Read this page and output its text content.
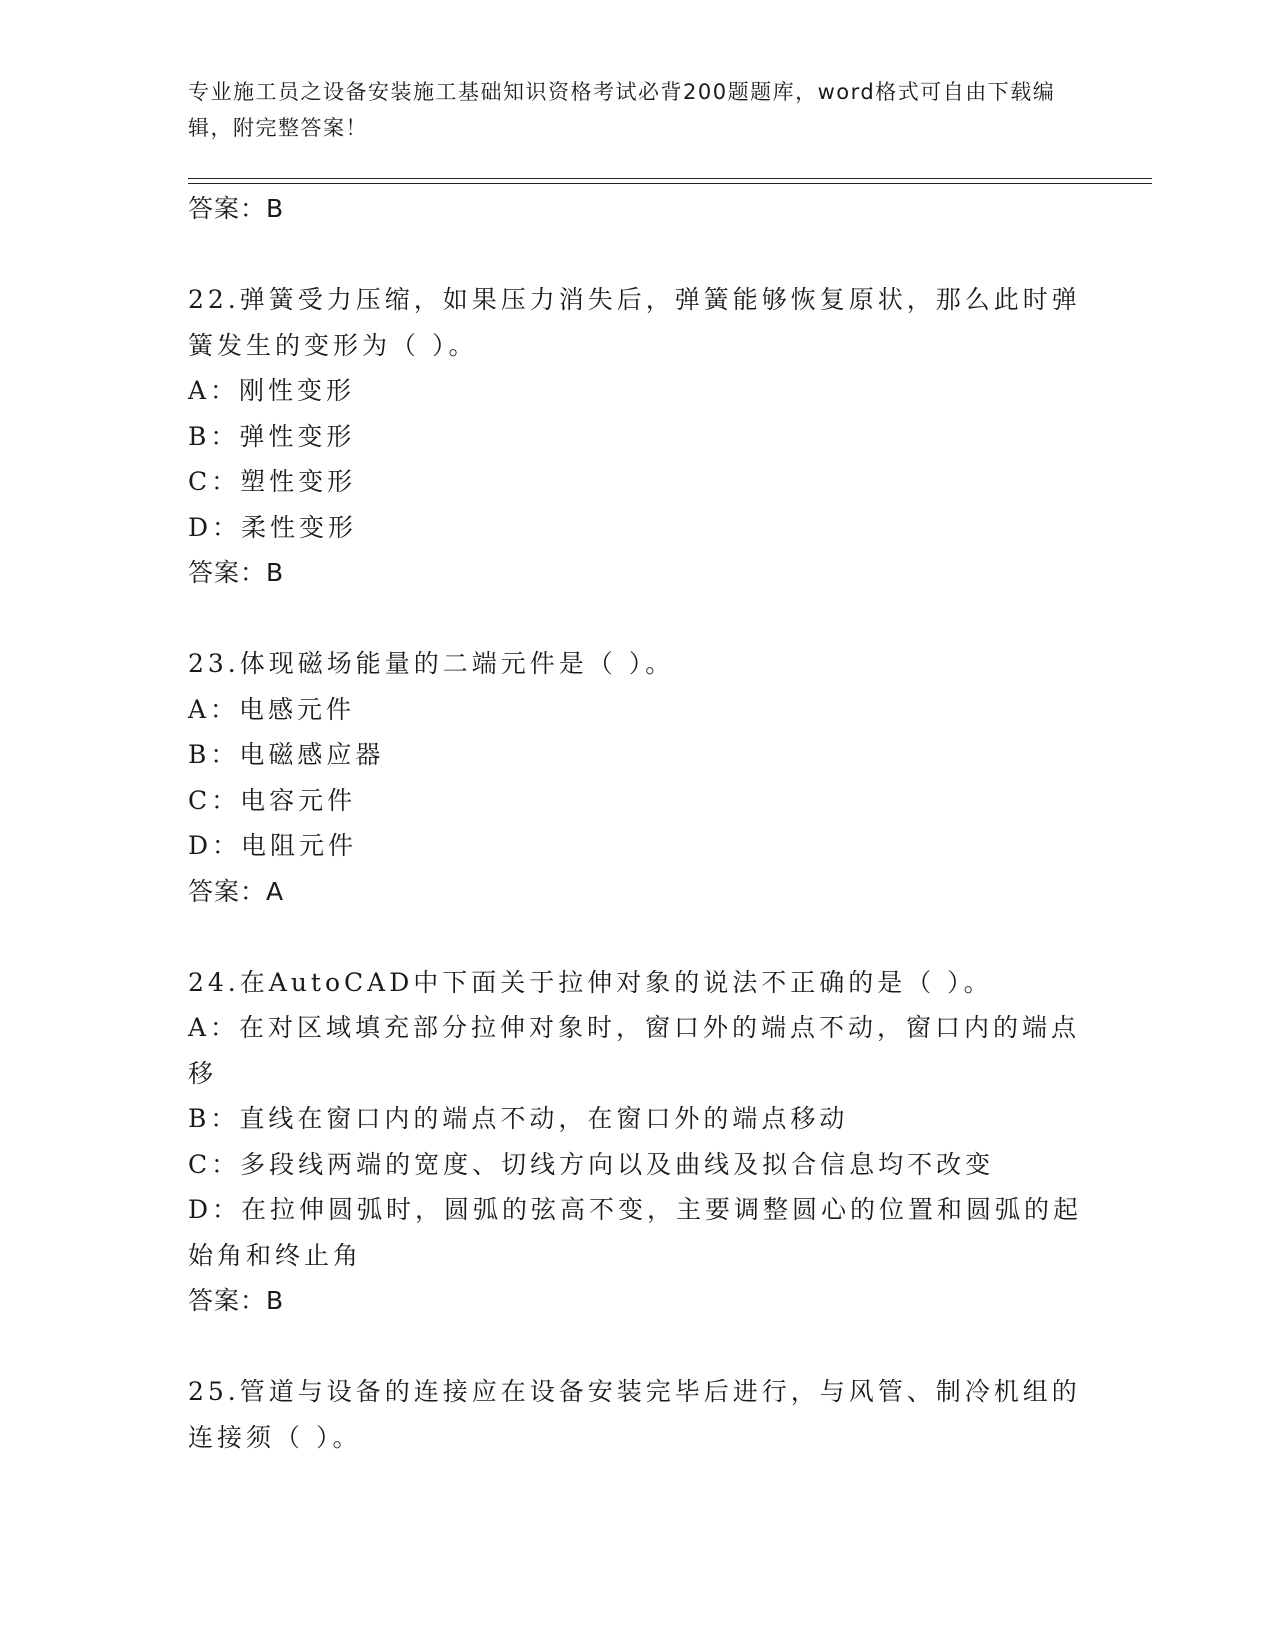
专业施工员之设备安装施工基础知识资格考试必背200题题库，word格式可自由下载编辑，附完整答案！
答案：B
22.弹簧受力压缩，如果压力消失后，弹簧能够恢复原状，那么此时弹
簧发生的变形为（ ）。
A：刚性变形
B：弹性变形
C：塑性变形
D：柔性变形
答案：B
23.体现磁场能量的二端元件是（ ）。
A：电感元件
B：电磁感应器
C：电容元件
D：电阻元件
答案：A
24.在AutoCAD中下面关于拉伸对象的说法不正确的是（ ）。
A：在对区域填充部分拉伸对象时，窗口外的端点不动，窗口内的端点
移
B：直线在窗口内的端点不动，在窗口外的端点移动
C：多段线两端的宽度、切线方向以及曲线及拟合信息均不改变
D：在拉伸圆弧时，圆弧的弦高不变，主要调整圆心的位置和圆弧的起
始角和终止角
答案：B
25.管道与设备的连接应在设备安装完毕后进行，与风管、制冷机组的
连接须（ ）。
